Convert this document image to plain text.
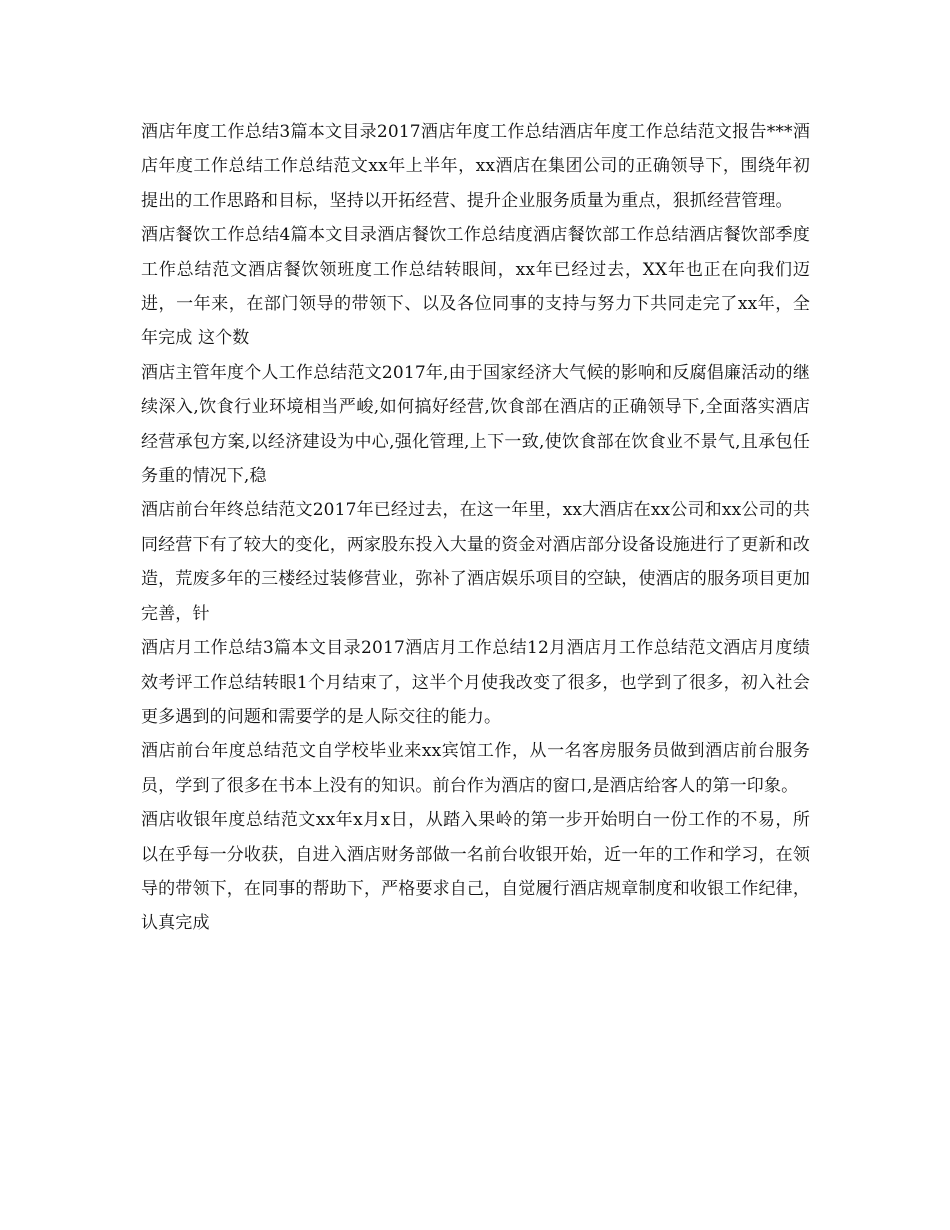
酒店年度工作总结3篇本文目录2017酒店年度工作总结酒店年度工作总结范文报告***酒店年度工作总结工作总结范文xx年上半年，xx酒店在集团公司的正确领导下，围绕年初提出的工作思路和目标，坚持以开拓经营、提升企业服务质量为重点，狠抓经营管理。

酒店餐饮工作总结4篇本文目录酒店餐饮工作总结度酒店餐饮部工作总结酒店餐饮部季度工作总结范文酒店餐饮领班度工作总结转眼间，xx年已经过去，XX年也正在向我们迈进，一年来，在部门领导的带领下、以及各位同事的支持与努力下共同走完了xx年，全年完成 这个数

酒店主管年度个人工作总结范文2017年,由于国家经济大气候的影响和反腐倡廉活动的继续深入,饮食行业环境相当严峻,如何搞好经营,饮食部在酒店的正确领导下,全面落实酒店经营承包方案,以经济建设为中心,强化管理,上下一致,使饮食部在饮食业不景气,且承包任务重的情况下,稳

酒店前台年终总结范文2017年已经过去，在这一年里，xx大酒店在xx公司和xx公司的共同经营下有了较大的变化，两家股东投入大量的资金对酒店部分设备设施进行了更新和改造，荒废多年的三楼经过装修营业，弥补了酒店娱乐项目的空缺，使酒店的服务项目更加完善，针

酒店月工作总结3篇本文目录2017酒店月工作总结12月酒店月工作总结范文酒店月度绩效考评工作总结转眼1个月结束了，这半个月使我改变了很多，也学到了很多，初入社会更多遇到的问题和需要学的是人际交往的能力。

酒店前台年度总结范文自学校毕业来xx宾馆工作，从一名客房服务员做到酒店前台服务员，学到了很多在书本上没有的知识。前台作为酒店的窗口,是酒店给客人的第一印象。

酒店收银年度总结范文xx年x月x日，从踏入果岭的第一步开始明白一份工作的不易，所以在乎每一分收获，自进入酒店财务部做一名前台收银开始，近一年的工作和学习，在领导的带领下，在同事的帮助下，严格要求自己，自觉履行酒店规章制度和收银工作纪律，认真完成
